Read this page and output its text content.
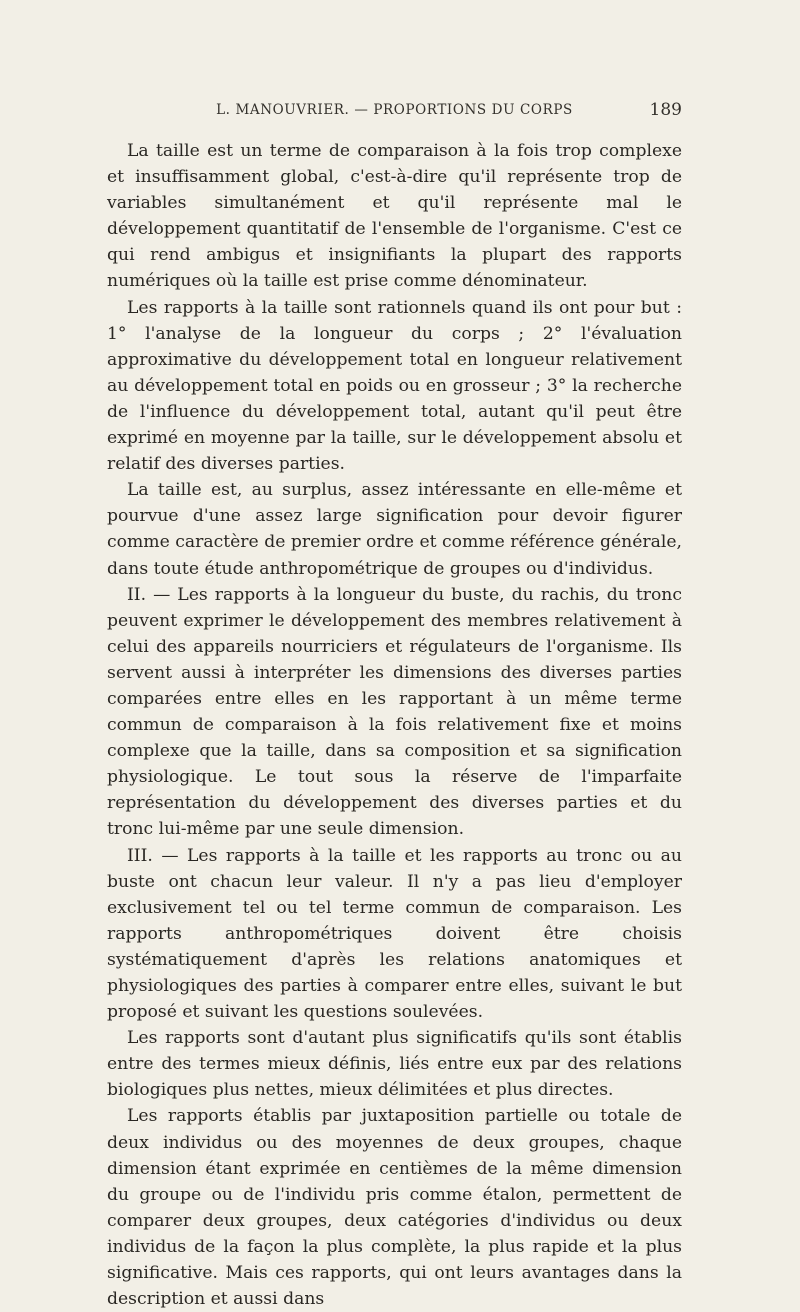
L. MANOUVRIER. — PROPORTIONS DU CORPS	189

La taille est un terme de comparaison à la fois trop complexe et insuffisamment global, c'est-à-dire qu'il représente trop de variables simultanément et qu'il représente mal le développement quantitatif de l'ensemble de l'organisme. C'est ce qui rend ambigus et insignifiants la plupart des rapports numériques où la taille est prise comme dénominateur.

Les rapports à la taille sont rationnels quand ils ont pour but : 1° l'analyse de la longueur du corps ; 2° l'évaluation approximative du développement total en longueur relativement au développement total en poids ou en grosseur ; 3° la recherche de l'influence du développement total, autant qu'il peut être exprimé en moyenne par la taille, sur le développement absolu et relatif des diverses parties.

La taille est, au surplus, assez intéressante en elle-même et pourvue d'une assez large signification pour devoir figurer comme caractère de premier ordre et comme référence générale, dans toute étude anthropométrique de groupes ou d'individus.

II. — Les rapports à la longueur du buste, du rachis, du tronc peuvent exprimer le développement des membres relativement à celui des appareils nourriciers et régulateurs de l'organisme. Ils servent aussi à interpréter les dimensions des diverses parties comparées entre elles en les rapportant à un même terme commun de comparaison à la fois relativement fixe et moins complexe que la taille, dans sa composition et sa signification physiologique. Le tout sous la réserve de l'imparfaite représentation du développement des diverses parties et du tronc lui-même par une seule dimension.

III. — Les rapports à la taille et les rapports au tronc ou au buste ont chacun leur valeur. Il n'y a pas lieu d'employer exclusivement tel ou tel terme commun de comparaison. Les rapports anthropométriques doivent être choisis systématiquement d'après les relations anatomiques et physiologiques des parties à comparer entre elles, suivant le but proposé et suivant les questions soulevées.

Les rapports sont d'autant plus significatifs qu'ils sont établis entre des termes mieux définis, liés entre eux par des relations biologiques plus nettes, mieux délimitées et plus directes.

Les rapports établis par juxtaposition partielle ou totale de deux individus ou des moyennes de deux groupes, chaque dimension étant exprimée en centièmes de la même dimension du groupe ou de l'individu pris comme étalon, permettent de comparer deux groupes, deux catégories d'individus ou deux individus de la façon la plus complète, la plus rapide et la plus significative. Mais ces rapports, qui ont leurs avantages dans la description et aussi dans
